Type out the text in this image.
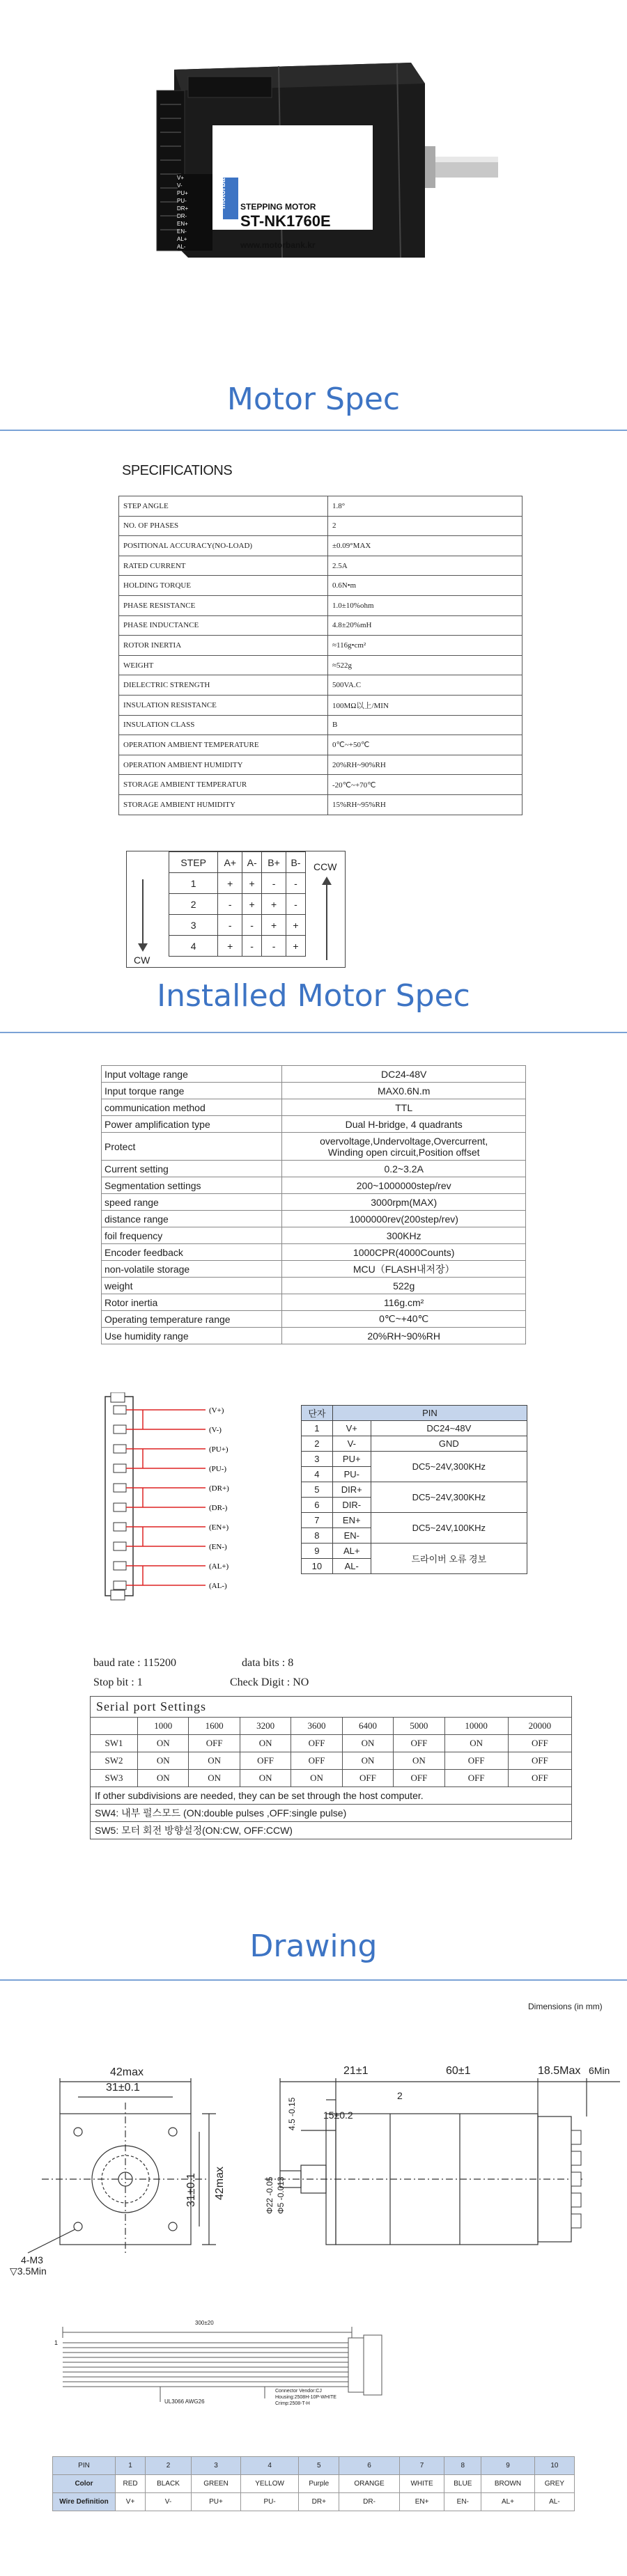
V+
V-
PU+
PU-
DR+
DR-
EN+
EN-
AL+
AL-
motorbank STEPPING MOTOR
ST-NK1760E
www.motorbank.kr
Motor Spec
SPECIFICATIONS
STEP ANGLE	1.8°
NO. OF PHASES	2
POSITIONAL ACCURACY(NO-LOAD)	±0.09°MAX
RATED CURRENT	2.5A
HOLDING TORQUE	0.6N•m
PHASE RESISTANCE	1.0±10%ohm
PHASE INDUCTANCE	4.8±20%mH
ROTOR INERTIA	≈116g•cm²
WEIGHT	≈522g
DIELECTRIC STRENGTH	500VA.C
INSULATION RESISTANCE	100MΩ以上/MIN
INSULATION CLASS	B
OPERATION AMBIENT TEMPERATURE	0℃~+50℃
OPERATION AMBIENT HUMIDITY	20%RH~90%RH
STORAGE AMBIENT TEMPERATUR	-20℃~+70℃
STORAGE AMBIENT HUMIDITY	15%RH~95%RH
STEP	A+	A-	B+	B-
1	+	+	-	-
2	-	+	+	-
3	-	-	+	+
4	+	-	-	+
CW
CCW
Installed Motor Spec
Input voltage range	DC24-48V
Input torque range	MAX0.6N.m
communication method	TTL
Power amplification type	Dual H-bridge, 4 quadrants
Protect	overvoltage,Undervoltage,Overcurrent,
Winding open circuit,Position offset
Current setting	0.2~3.2A
Segmentation settings	200~1000000step/rev
speed range	3000rpm(MAX)
distance range	1000000rev(200step/rev)
foil frequency	300KHz
Encoder feedback	1000CPR(4000Counts)
non-volatile storage	MCU（FLASH내저장）
weight	522g
Rotor inertia	116g.cm²
Operating temperature range	0℃~+40℃
Use humidity range	20%RH~90%RH
(V+)
(V-)
(PU+)
(PU-)
(DR+)
(DR-)
(EN+)
(EN-)
(AL+)
(AL-)
단자	PIN	
1	V+	DC24~48V
2	V-	GND
3	PU+	DC5~24V,300KHz
4	PU-	
5	DIR+	DC5~24V,300KHz
6	DIR-	
7	EN+	DC5~24V,100KHz
8	EN-	
9	AL+	드라이버 오류 경보
10	AL-	
baud rate : 115200	data bits : 8
Stop bit : 1	Check Digit : NO
Serial port Settings								
	1000	1600	3200	3600	6400	5000	10000	20000
SW1	ON	OFF	ON	OFF	ON	OFF	ON	OFF
SW2	ON	ON	OFF	OFF	ON	ON	OFF	OFF
SW3	ON	ON	ON	ON	OFF	OFF	OFF	OFF
If other subdivisions are needed, they can be set through the host computer.								
SW4: 내부 펄스모드 (ON:double pulses ,OFF:single pulse)								
SW5: 모터 회전 방향설정(ON:CW, OFF:CCW)								
Drawing
Dimensions (in mm)
42max
31±0.1
42max
31±0.1
4-M3
▽3.5Min
21±1	60±1	18.5Max 6Min
2
15±0.2
4.5 -0.15
Φ22 -0.05 Φ5 -0.013
300±20
1
UL3066 AWG26
Connector Vendor:CJ
Housing:2508H-10P-WHITE
Crimp:2508-T-H
PIN	1	2	3	4	5	6	7	8	9	10
Color	RED	BLACK	GREEN	YELLOW	Purple	ORANGE	WHITE	BLUE	BROWN	GREY
Wire Definition	V+	V-	PU+	PU-	DR+	DR-	EN+	EN-	AL+	AL-
